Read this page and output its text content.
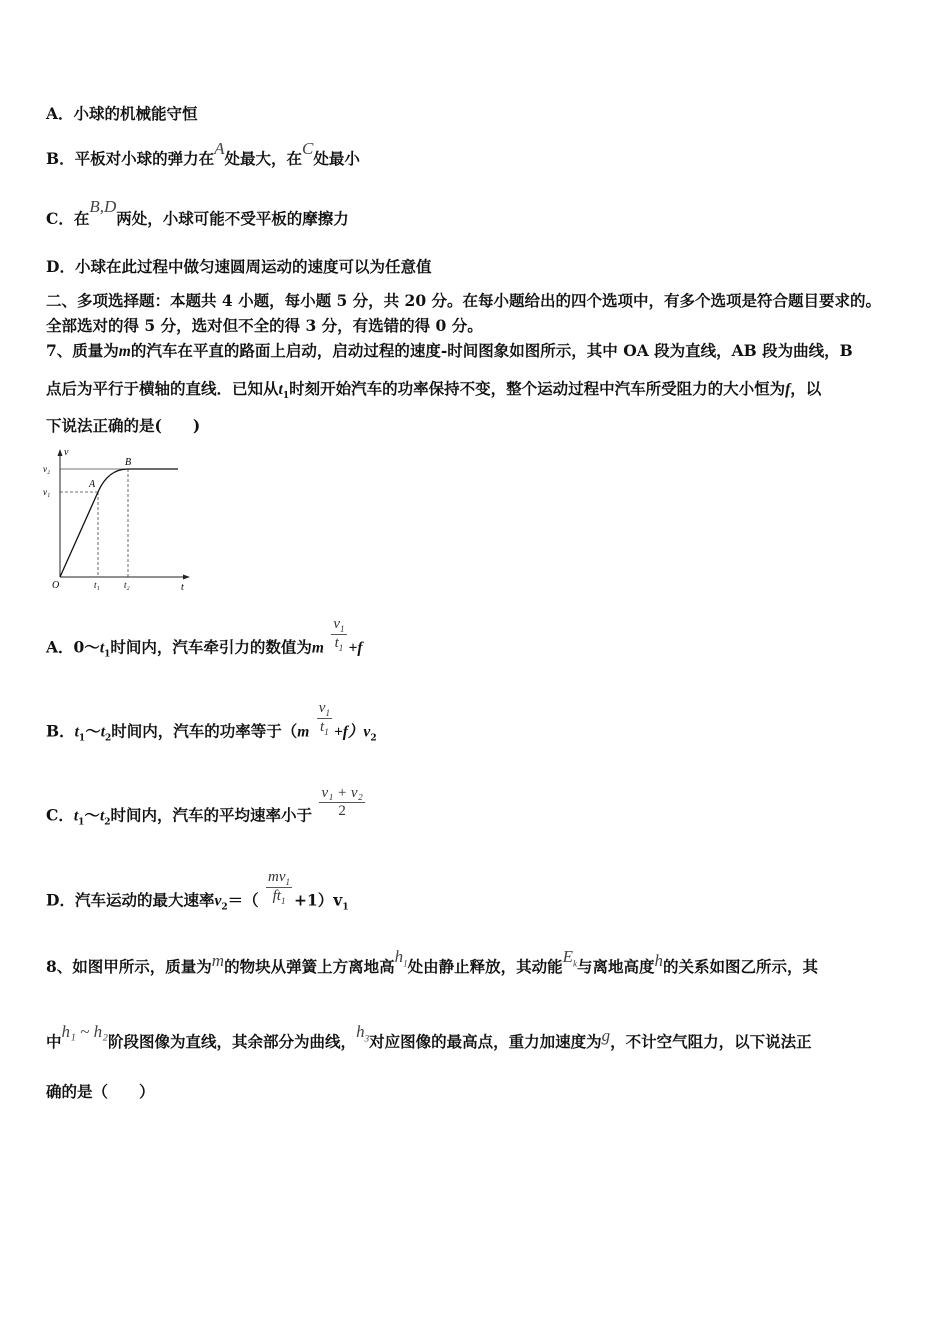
A．小球的机械能守恒
B．平板对小球的弹力在A处最大，在C处最小
C．在B,D两处，小球可能不受平板的摩擦力
D．小球在此过程中做匀速圆周运动的速度可以为任意值
二、多项选择题：本题共 4 小题，每小题 5 分，共 20 分。在每小题给出的四个选项中，有多个选项是符合题目要求的。
全部选对的得 5 分，选对但不全的得 3 分，有选错的得 0 分。
7、质量为m的汽车在平直的路面上启动，启动过程的速度-时间图象如图所示，其中 OA 段为直线，AB 段为曲线，B
点后为平行于横轴的直线．已知从$t_1$时刻开始汽车的功率保持不变，整个运动过程中汽车所受阻力的大小恒为f，以
下说法正确的是(　　)
v
t
O
v₂
v₁
t₁	t₂
A
B
A．$0\sim t_1$时间内，汽车牵引力的数值为m $\frac{v_1}{t_1} +f$
B．$t_1\sim t_2$时间内，汽车的功率等于$(m \frac{v_1}{t_1} +f)v_2$
C．$t_1\sim t_2$时间内，汽车的平均速率小于 $\frac{\text{v₁ + v₂}}{2}$
D．汽车运动的最大速率$v_2=( \frac{mv_1}{ft_1} +1)v_1$
8、如图甲所示，质量为m的物块从弹簧上方离地高$h_1$处由静止释放，其动能$E_k$与离地高度h的关系如图乙所示，其
中h₁ ~ h₂阶段图像为直线，其余部分为曲线，$h_3$对应图像的最高点，重力加速度为g，不计空气阻力，以下说法正
确的是（　　）
